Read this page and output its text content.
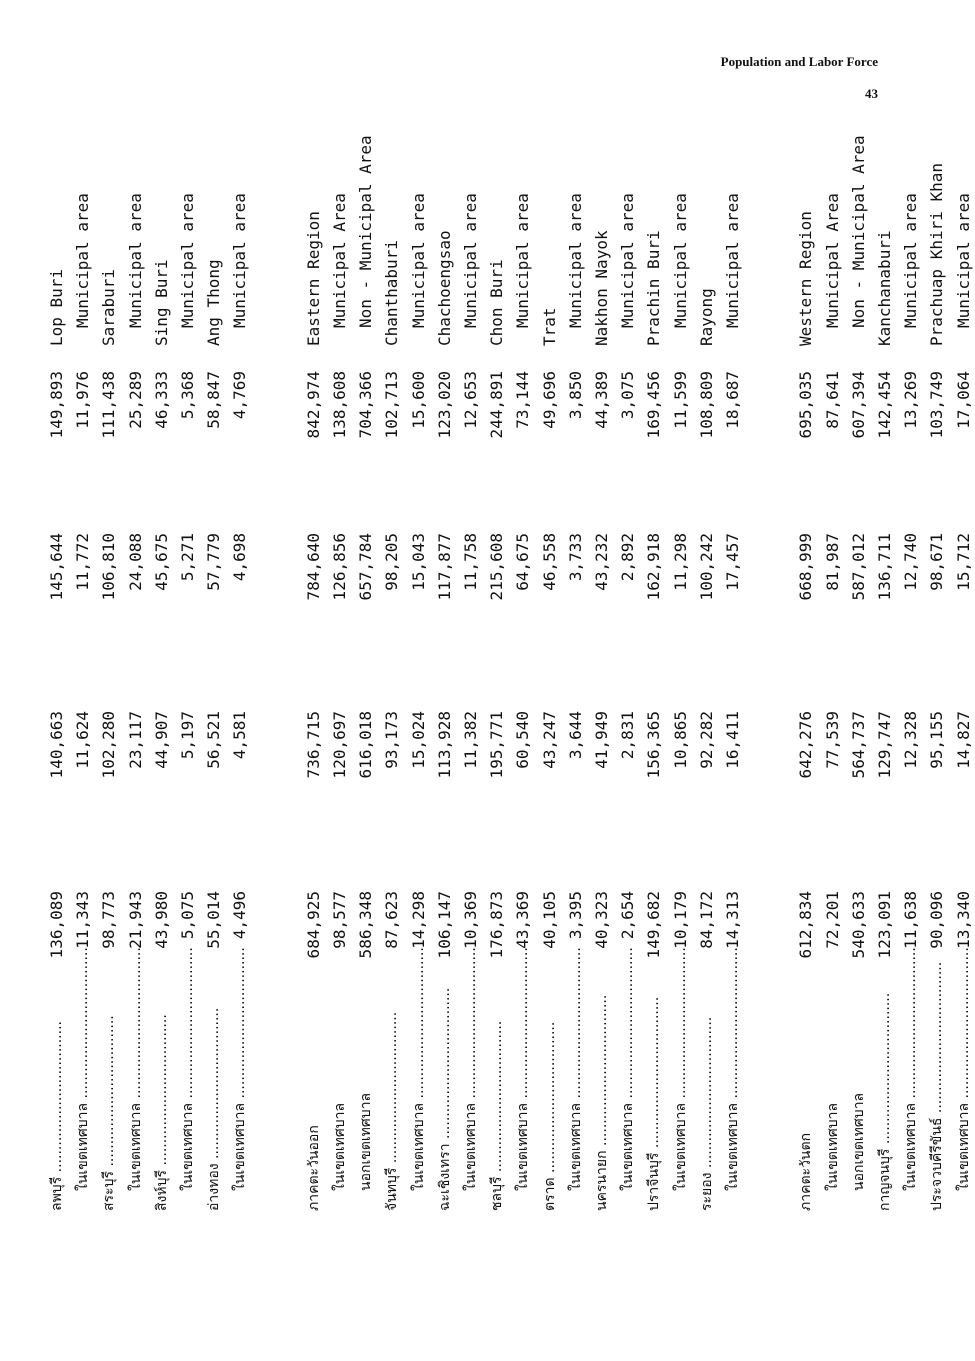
Population and Labor Force
43
ลพบุรี ..................................
136,089
140,663
145,644
149,893
Lop Buri
ในเขตเทศบาล ..................................
11,343
11,624
11,772
11,976
Municipal area
สระบุรี ..................................
98,773
102,280
106,810
111,438
Saraburi
ในเขตเทศบาล ..................................
21,943
23,117
24,088
25,289
Municipal area
สิงห์บุรี ..................................
43,980
44,907
45,675
46,333
Sing Buri
ในเขตเทศบาล ..................................
5,075
5,197
5,271
5,368
Municipal area
อ่างทอง ..................................
55,014
56,521
57,779
58,847
Ang Thong
ในเขตเทศบาล ..................................
4,496
4,581
4,698
4,769
Municipal area
ภาคตะวันออก
684,925
736,715
784,640
842,974
Eastern Region
ในเขตเทศบาล
98,577
120,697
126,856
138,608
Municipal Area
นอกเขตเทศบาล
586,348
616,018
657,784
704,366
Non - Municipal Area
จันทบุรี ..................................
87,623
93,173
98,205
102,713
Chanthaburi
ในเขตเทศบาล ..................................
14,298
15,024
15,043
15,600
Municipal area
ฉะเชิงเทรา ..................................
106,147
113,928
117,877
123,020
Chachoengsao
ในเขตเทศบาล ..................................
10,369
11,382
11,758
12,653
Municipal area
ชลบุรี ..................................
176,873
195,771
215,608
244,891
Chon Buri
ในเขตเทศบาล ..................................
43,369
60,540
64,675
73,144
Municipal area
ตราด ..................................
40,105
43,247
46,558
49,696
Trat
ในเขตเทศบาล ..................................
3,395
3,644
3,733
3,850
Municipal area
นครนายก ..................................
40,323
41,949
43,232
44,389
Nakhon Nayok
ในเขตเทศบาล ..................................
2,654
2,831
2,892
3,075
Municipal area
ปราจีนบุรี ..................................
149,682
156,365
162,918
169,456
Prachin Buri
ในเขตเทศบาล ..................................
10,179
10,865
11,298
11,599
Municipal area
ระยอง ..................................
84,172
92,282
100,242
108,809
Rayong
ในเขตเทศบาล ..................................
14,313
16,411
17,457
18,687
Municipal area
ภาคตะวันตก
612,834
642,276
668,999
695,035
Western Region
ในเขตเทศบาล
72,201
77,539
81,987
87,641
Municipal Area
นอกเขตเทศบาล
540,633
564,737
587,012
607,394
Non - Municipal Area
กาญจนบุรี ..................................
123,091
129,747
136,711
142,454
Kanchanaburi
ในเขตเทศบาล ..................................
11,638
12,328
12,740
13,269
Municipal area
ประจวบคีรีขันธ์ ..................................
90,096
95,155
98,671
103,749
Prachuap Khiri Khan
ในเขตเทศบาล ..................................
13,340
14,827
15,712
17,064
Municipal area
